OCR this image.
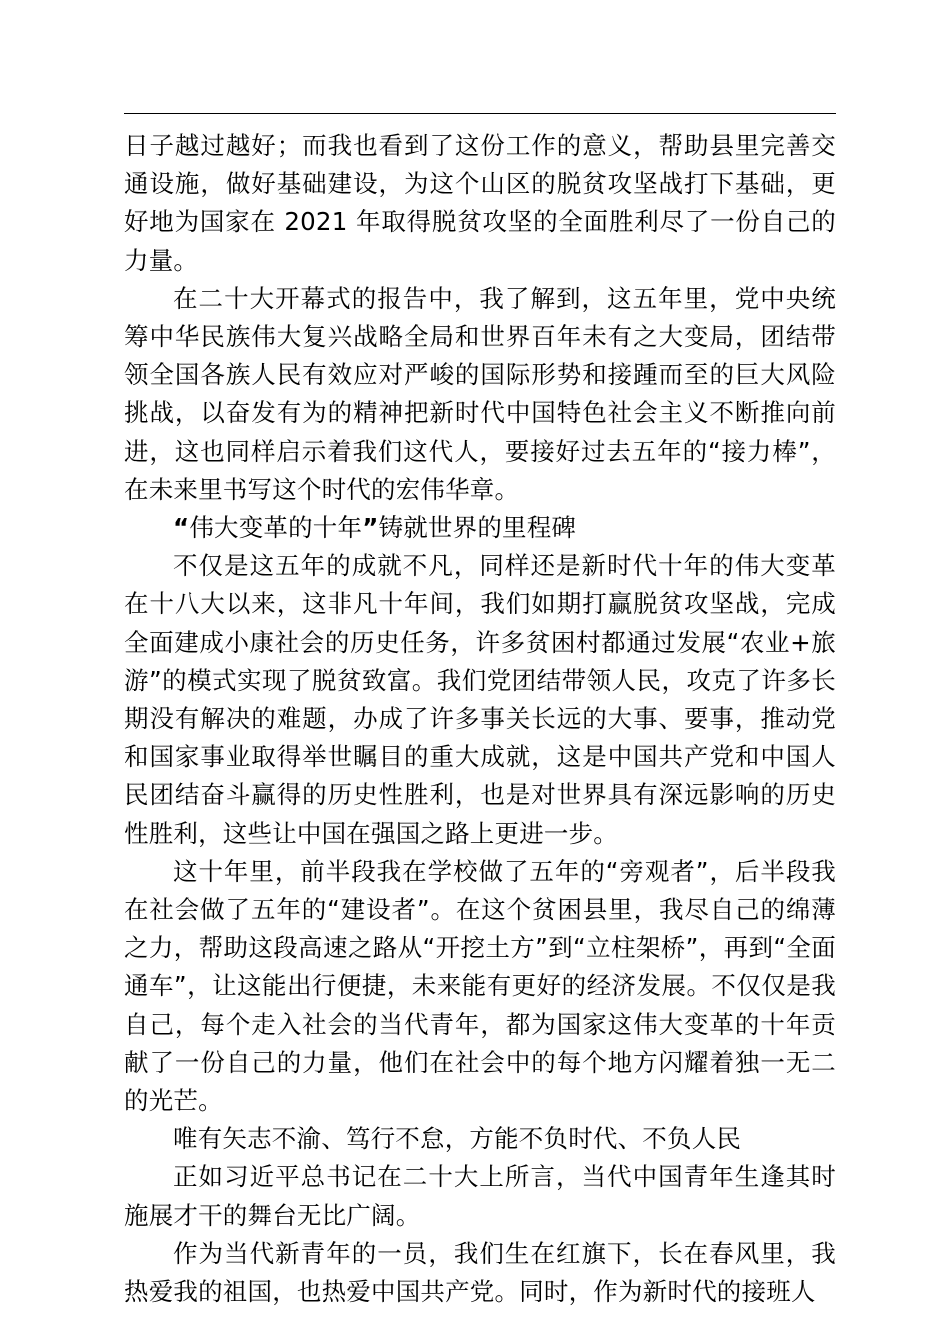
日子越过越好；而我也看到了这份工作的意义，帮助县里完善交通设施，做好基础建设，为这个山区的脱贫攻坚战打下基础，更好地为国家在 2021 年取得脱贫攻坚的全面胜利尽了一份自己的力量。

在二十大开幕式的报告中，我了解到，这五年里，党中央统筹中华民族伟大复兴战略全局和世界百年未有之大变局，团结带领全国各族人民有效应对严峻的国际形势和接踵而至的巨大风险挑战，以奋发有为的精神把新时代中国特色社会主义不断推向前进，这也同样启示着我们这代人，要接好过去五年的“接力棒”，在未来里书写这个时代的宏伟华章。

“伟大变革的十年”铸就世界的里程碑

不仅是这五年的成就不凡，同样还是新时代十年的伟大变革在十八大以来，这非凡十年间，我们如期打赢脱贫攻坚战，完成全面建成小康社会的历史任务，许多贫困村都通过发展“农业+旅游”的模式实现了脱贫致富。我们党团结带领人民，攻克了许多长期没有解决的难题，办成了许多事关长远的大事、要事，推动党和国家事业取得举世瞩目的重大成就，这是中国共产党和中国人民团结奋斗赢得的历史性胜利，也是对世界具有深远影响的历史性胜利，这些让中国在强国之路上更进一步。

这十年里，前半段我在学校做了五年的“旁观者”，后半段我在社会做了五年的“建设者”。在这个贫困县里，我尽自己的绵薄之力，帮助这段高速之路从“开挖土方”到“立柱架桥”，再到“全面通车”，让这能出行便捷，未来能有更好的经济发展。不仅仅是我自己，每个走入社会的当代青年，都为国家这伟大变革的十年贡献了一份自己的力量，他们在社会中的每个地方闪耀着独一无二的光芒。

唯有矢志不渝、笃行不怠，方能不负时代、不负人民

正如习近平总书记在二十大上所言，当代中国青年生逢其时施展才干的舞台无比广阔。

作为当代新青年的一员，我们生在红旗下，长在春风里，我热爱我的祖国，也热爱中国共产党。同时，作为新时代的接班人
